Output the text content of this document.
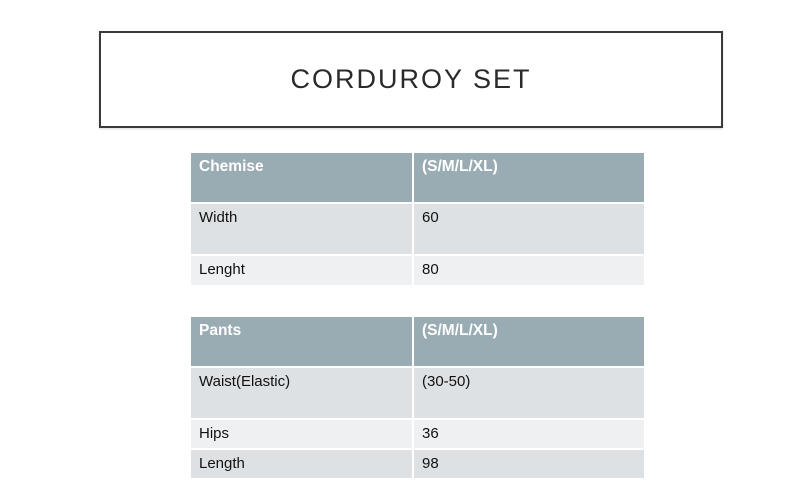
CORDUROY SET
Chemise	(S/M/L/XL)
Width	60
Lenght	80
Pants	(S/M/L/XL)
Waist(Elastic)	(30-50)
Hips	36
Length	98
